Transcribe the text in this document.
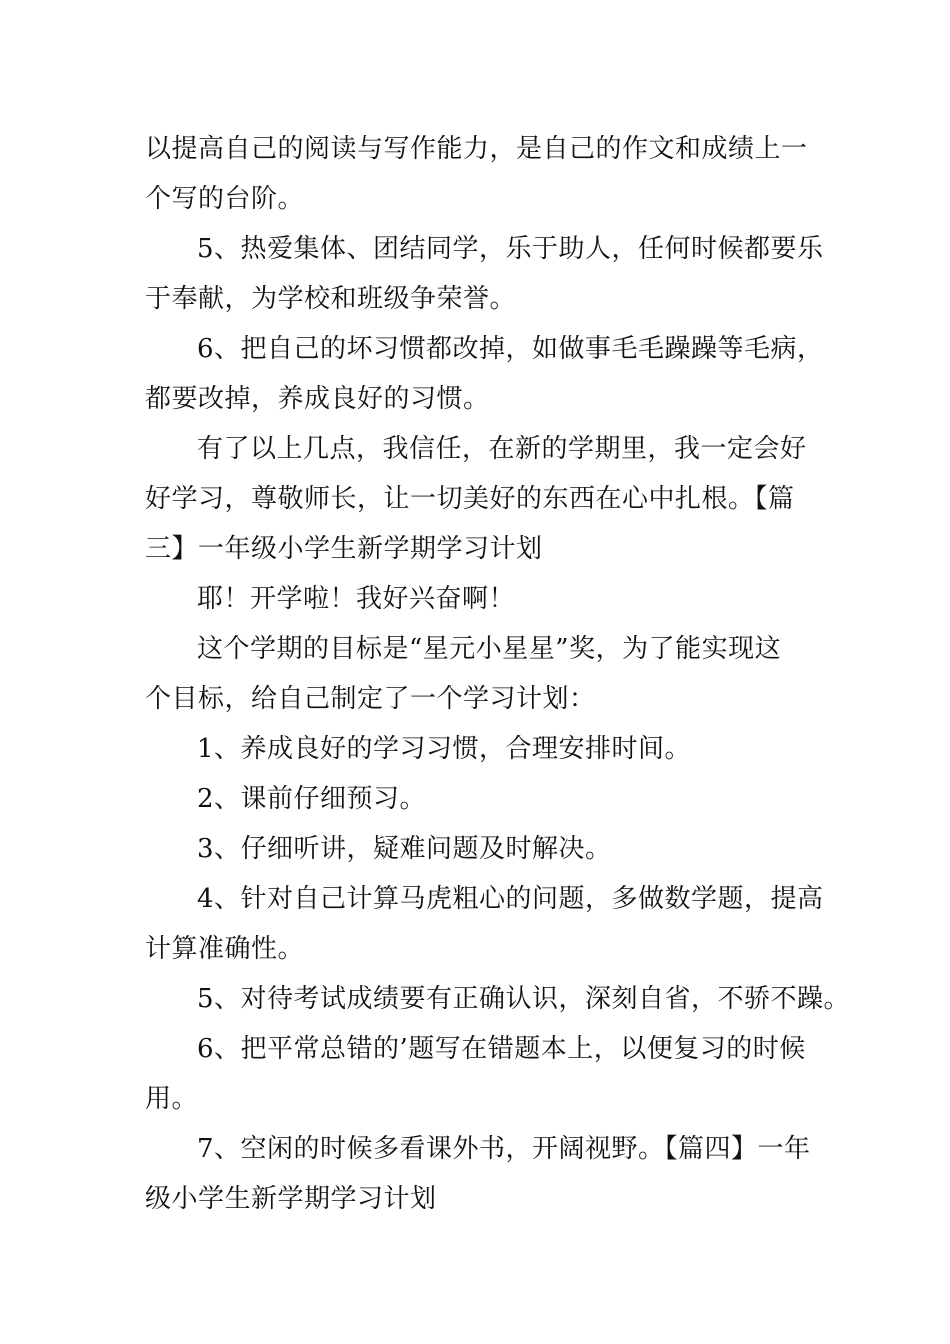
以提高自己的阅读与写作能力，是自己的作文和成绩上一
个写的台阶。
5、热爱集体、团结同学，乐于助人，任何时候都要乐
于奉献，为学校和班级争荣誉。
6、把自己的坏习惯都改掉，如做事毛毛躁躁等毛病，
都要改掉，养成良好的习惯。
有了以上几点，我信任，在新的学期里，我一定会好
好学习，尊敬师长，让一切美好的东西在心中扎根。【篇
三】一年级小学生新学期学习计划
耶！开学啦！我好兴奋啊！
这个学期的目标是“星元小星星”奖，为了能实现这
个目标，给自己制定了一个学习计划：
1、养成良好的学习习惯，合理安排时间。
2、课前仔细预习。
3、仔细听讲，疑难问题及时解决。
4、针对自己计算马虎粗心的问题，多做数学题，提高
计算准确性。
5、对待考试成绩要有正确认识，深刻自省，不骄不躁。
6、把平常总错的’题写在错题本上，以便复习的时候
用。
7、空闲的时候多看课外书，开阔视野。【篇四】一年
级小学生新学期学习计划
